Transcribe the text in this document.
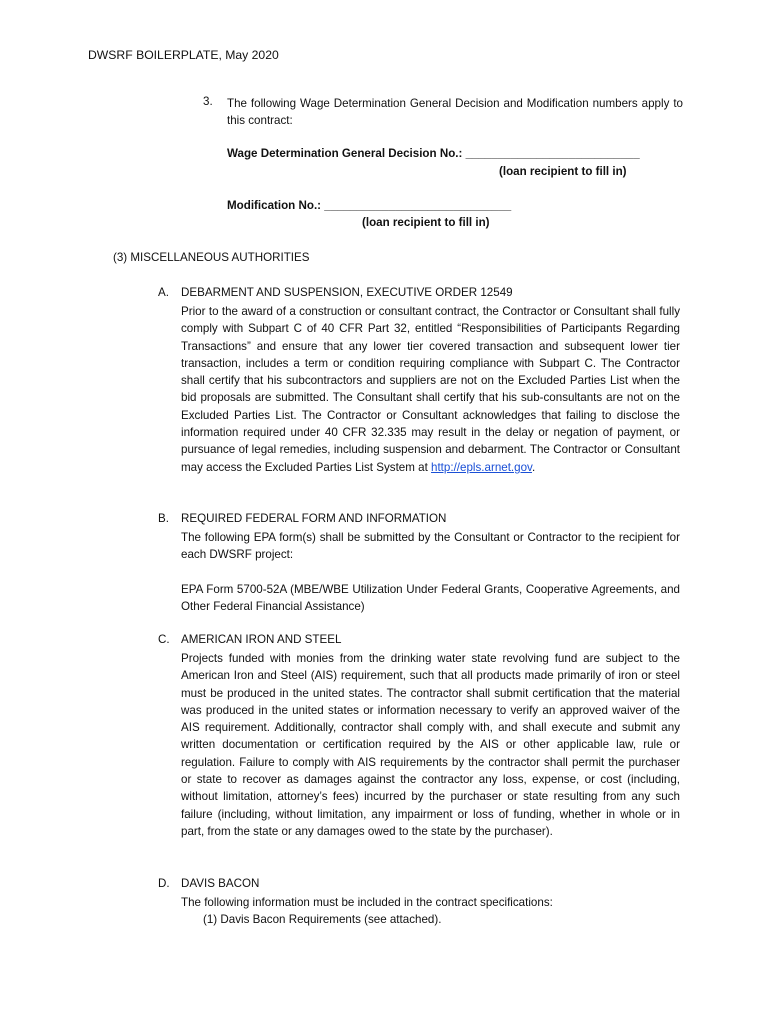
DWSRF BOILERPLATE, May 2020
3. The following Wage Determination General Decision and Modification numbers apply to this contract:
Wage Determination General Decision No.: ___________________________
(loan recipient to fill in)
Modification No.: _____________________________
(loan recipient to fill in)
(3) MISCELLANEOUS AUTHORITIES
A. DEBARMENT AND SUSPENSION, EXECUTIVE ORDER 12549
Prior to the award of a construction or consultant contract, the Contractor or Consultant shall fully comply with Subpart C of 40 CFR Part 32, entitled “Responsibilities of Participants Regarding Transactions” and ensure that any lower tier covered transaction and subsequent lower tier transaction, includes a term or condition requiring compliance with Subpart C. The Contractor shall certify that his subcontractors and suppliers are not on the Excluded Parties List when the bid proposals are submitted. The Consultant shall certify that his sub-consultants are not on the Excluded Parties List. The Contractor or Consultant acknowledges that failing to disclose the information required under 40 CFR 32.335 may result in the delay or negation of payment, or pursuance of legal remedies, including suspension and debarment. The Contractor or Consultant may access the Excluded Parties List System at http://epls.arnet.gov.
B. REQUIRED FEDERAL FORM AND INFORMATION
The following EPA form(s) shall be submitted by the Consultant or Contractor to the recipient for each DWSRF project:
EPA Form 5700-52A (MBE/WBE Utilization Under Federal Grants, Cooperative Agreements, and Other Federal Financial Assistance)
C. AMERICAN IRON AND STEEL
Projects funded with monies from the drinking water state revolving fund are subject to the American Iron and Steel (AIS) requirement, such that all products made primarily of iron or steel must be produced in the united states. The contractor shall submit certification that the material was produced in the united states or information necessary to verify an approved waiver of the AIS requirement. Additionally, contractor shall comply with, and shall execute and submit any written documentation or certification required by the AIS or other applicable law, rule or regulation. Failure to comply with AIS requirements by the contractor shall permit the purchaser or state to recover as damages against the contractor any loss, expense, or cost (including, without limitation, attorney’s fees) incurred by the purchaser or state resulting from any such failure (including, without limitation, any impairment or loss of funding, whether in whole or in part, from the state or any damages owed to the state by the purchaser).
D. DAVIS BACON
The following information must be included in the contract specifications:
(1) Davis Bacon Requirements (see attached).
